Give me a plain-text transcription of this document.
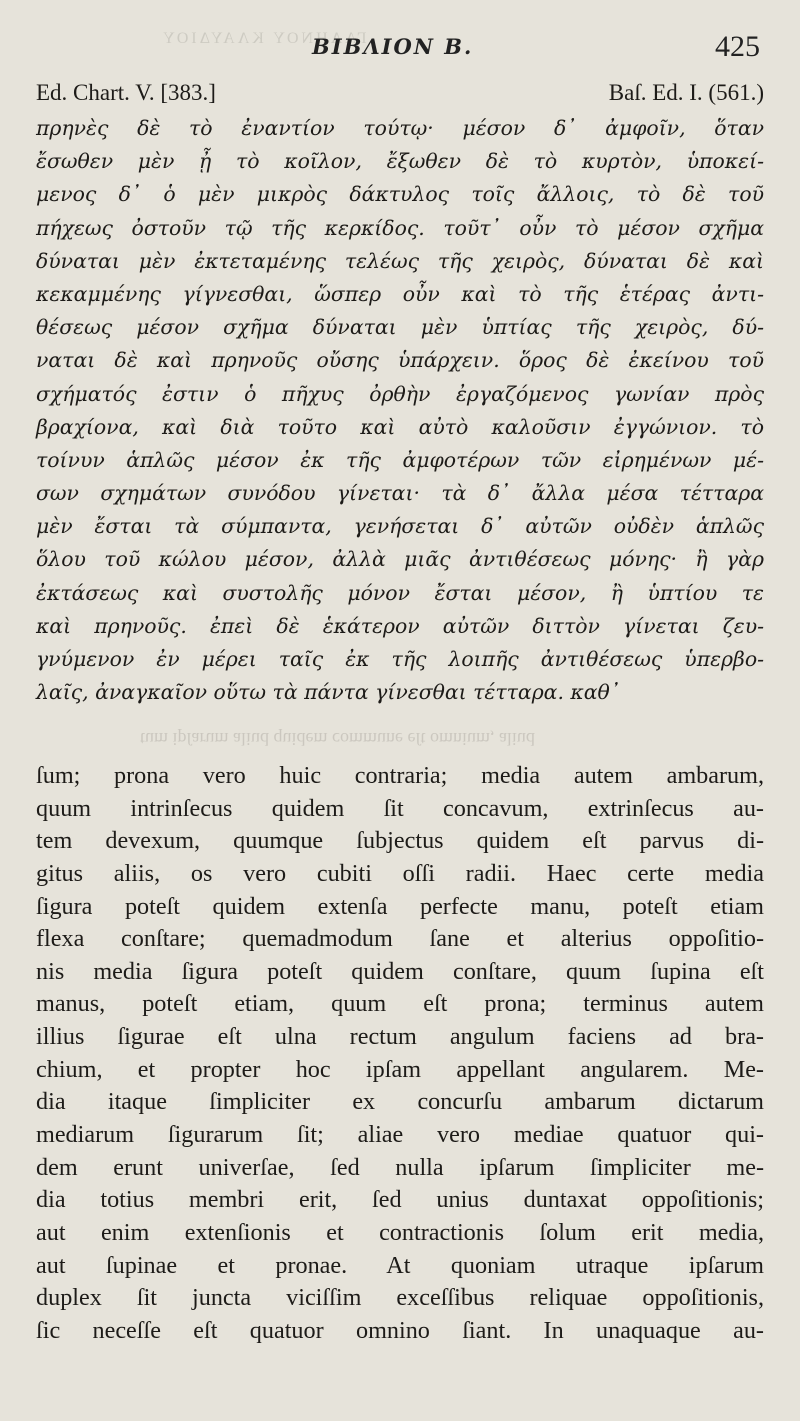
ΓΑΛΗΝΟΥ ΚΛΑΥΔΙΟΥ
BIBΛΙΟΝ B.	425
Ed. Chart. V. [383.]	Baſ. Ed. I. (561.)
πρηνὲς δὲ τὸ ἐναντίον τούτῳ· μέσον δ᾽ ἀμφοῖν, ὅταν
ἔσωθεν μὲν ᾖ τὸ κοῖλον, ἔξωθεν δὲ τὸ κυρτὸν, ὑποκεί-
μενος δ᾽ ὁ μὲν μικρὸς δάκτυλος τοῖς ἄλλοις, τὸ δὲ τοῦ
πήχεως ὀστοῦν τῷ τῆς κερκίδος. τοῦτ᾽ οὖν τὸ μέσον σχῆμα
δύναται μὲν ἐκτεταμένης τελέως τῆς χειρὸς, δύναται δὲ καὶ
κεκαμμένης γίγνεσθαι, ὥσπερ οὖν καὶ τὸ τῆς ἑτέρας ἀντι-
θέσεως μέσον σχῆμα δύναται μὲν ὑπτίας τῆς χειρὸς, δύ-
ναται δὲ καὶ πρηνοῦς οὔσης ὑπάρχειν. ὅρος δὲ ἐκείνου τοῦ
σχήματός ἐστιν ὁ πῆχυς ὀρθὴν ἐργαζόμενος γωνίαν πρὸς
βραχίονα, καὶ διὰ τοῦτο καὶ αὐτὸ καλοῦσιν ἐγγώνιον. τὸ
τοίνυν ἁπλῶς μέσον ἐκ τῆς ἀμφοτέρων τῶν εἰρημένων μέ-
σων σχημάτων συνόδου γίνεται· τὰ δ᾽ ἄλλα μέσα τέτταρα
μὲν ἔσται τὰ σύμπαντα, γενήσεται δ᾽ αὐτῶν οὐδὲν ἁπλῶς
ὅλου τοῦ κώλου μέσον, ἀλλὰ μιᾶς ἀντιθέσεως μόνης· ἢ γὰρ
ἐκτάσεως καὶ συστολῆς μόνον ἔσται μέσον, ἢ ὑπτίου τε
καὶ πρηνοῦς. ἐπεὶ δὲ ἑκάτερον αὐτῶν διττὸν γίνεται ζευ-
γνύμενον ἐν μέρει ταῖς ἐκ τῆς λοιπῆς ἀντιθέσεως ὑπερβο-
λαῖς, ἀναγκαῖον οὕτω τὰ πάντα γίνεσθαι τέτταρα. καθ᾽
tum ipſarum aliud quidem commune eſt omnium, aliud
ſum; prona vero huic contraria; media autem ambarum,
quum intrinſecus quidem ſit concavum, extrinſecus au-
tem devexum, quumque ſubjectus quidem eſt parvus di-
gitus aliis, os vero cubiti oſſi radii. Haec certe media
ſigura poteſt quidem extenſa perfecte manu, poteſt etiam
flexa conſtare; quemadmodum ſane et alterius oppoſitio-
nis media ſigura poteſt quidem conſtare, quum ſupina eſt
manus, poteſt etiam, quum eſt prona; terminus autem
illius ſigurae eſt ulna rectum angulum faciens ad bra-
chium, et propter hoc ipſam appellant angularem. Me-
dia itaque ſimpliciter ex concurſu ambarum dictarum
mediarum ſigurarum ſit; aliae vero mediae quatuor qui-
dem erunt univerſae, ſed nulla ipſarum ſimpliciter me-
dia totius membri erit, ſed unius duntaxat oppoſitionis;
aut enim extenſionis et contractionis ſolum erit media,
aut ſupinae et pronae. At quoniam utraque ipſarum
duplex ſit juncta viciſſim exceſſibus reliquae oppoſitionis,
ſic neceſſe eſt quatuor omnino ſiant. In unaquaque au-
